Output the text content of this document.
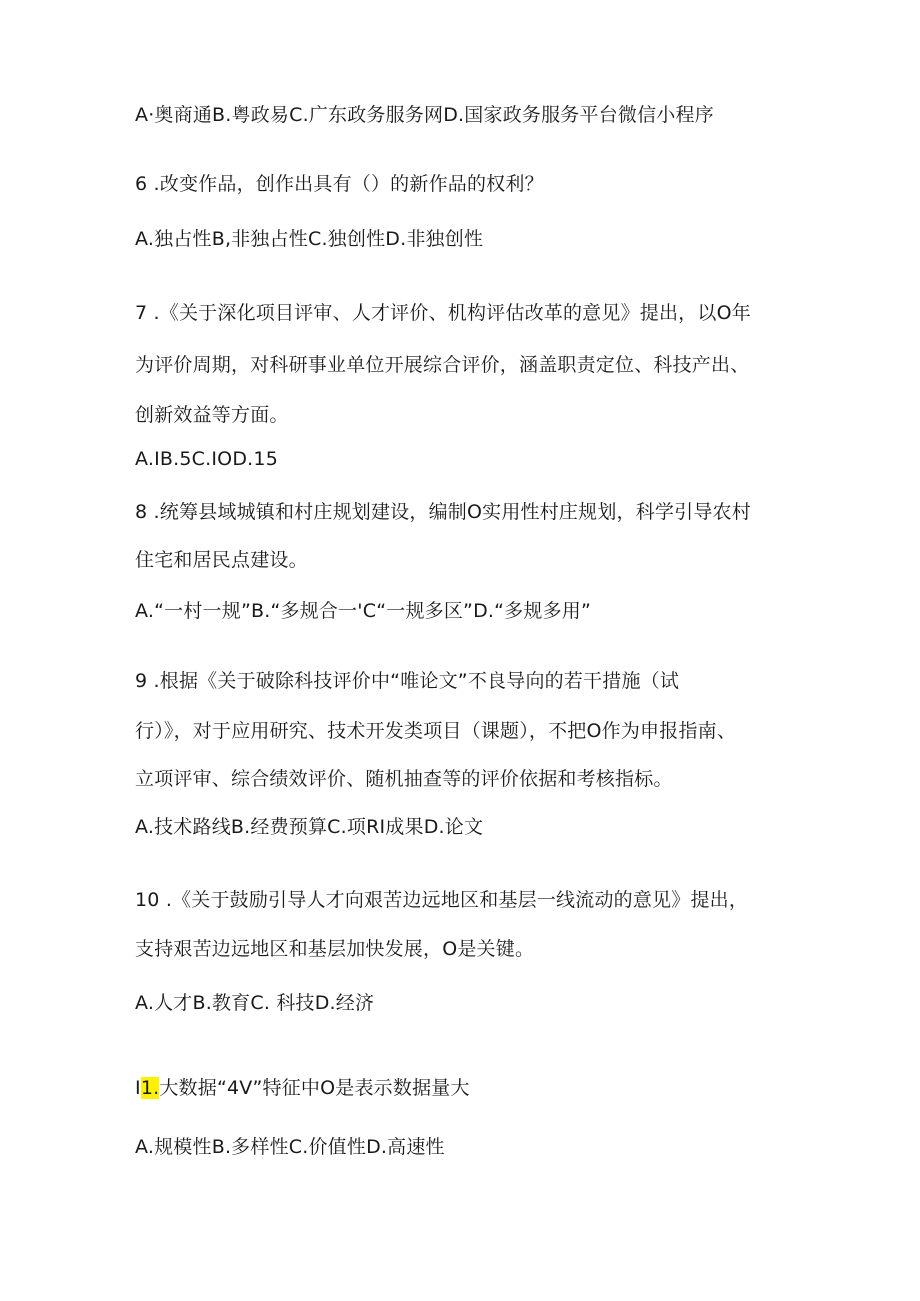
A·奥商通B.粤政易C.广东政务服务网D.国家政务服务平台微信小程序
6 .改变作品，创作出具有（）的新作品的权利？
A.独占性B,非独占性C.独创性D.非独创性
7 .《关于深化项目评审、人才评价、机构评估改革的意见》提出，以O年
为评价周期，对科研事业单位开展综合评价，涵盖职责定位、科技产出、
创新效益等方面。
A.IB.5C.IOD.15
8 .统筹县域城镇和村庄规划建设，编制O实用性村庄规划，科学引导农村
住宅和居民点建设。
A.“一村一规”B.“多规合一'C“一规多区”D.“多规多用”
9 .根据《关于破除科技评价中“唯论文”不良导向的若干措施（试
行）》，对于应用研究、技术开发类项目（课题），不把O作为申报指南、
立项评审、综合绩效评价、随机抽查等的评价依据和考核指标。
A.技术路线B.经费预算C.项RI成果D.论文
10 .《关于鼓励引导人才向艰苦边远地区和基层一线流动的意见》提出，
支持艰苦边远地区和基层加快发展，O是关键。
A.人才B.教育C. 科技D.经济
I1.大数据“4V”特征中O是表示数据量大
A.规模性B.多样性C.价值性D.高速性
